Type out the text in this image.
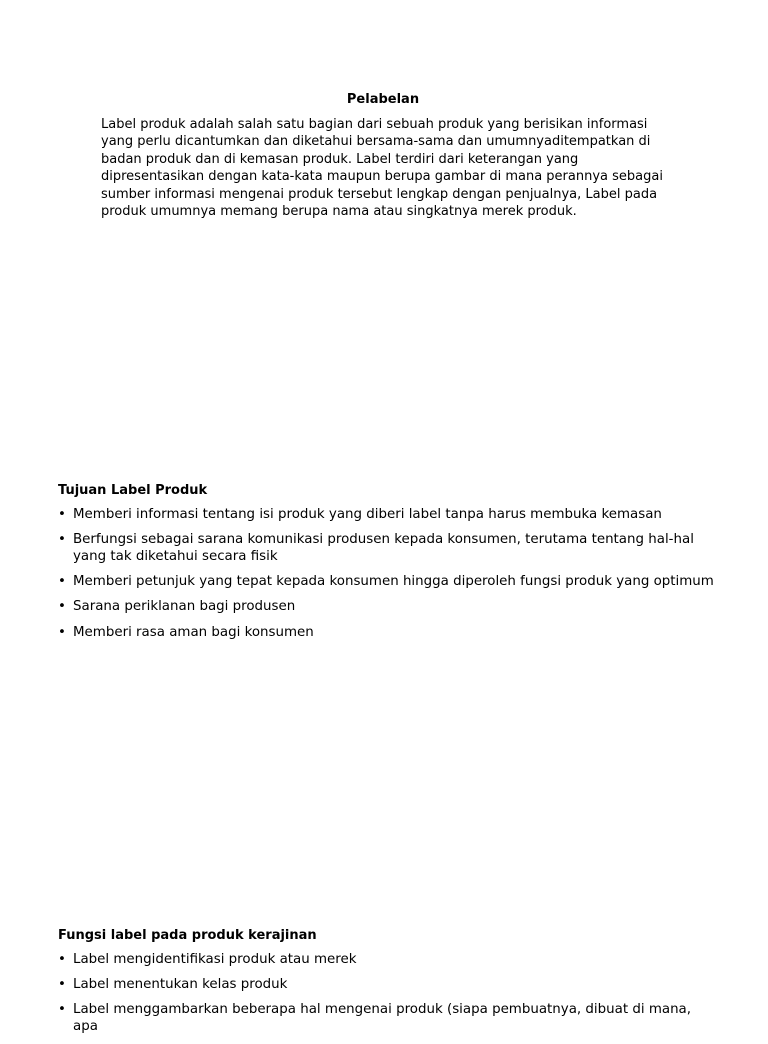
Pelabelan

Label produk adalah salah satu bagian dari sebuah produk yang berisikan informasi yang perlu dicantumkan dan diketahui bersama-sama dan umumnyaditempatkan di badan produk dan di kemasan produk. Label terdiri dari keterangan yang dipresentasikan dengan kata-kata maupun berupa gambar di mana perannya sebagai sumber informasi mengenai produk tersebut lengkap dengan penjualnya, Label pada produk umumnya memang berupa nama atau singkatnya merek produk.

Tujuan Label Produk

• Memberi informasi tentang isi produk yang diberi label tanpa harus membuka kemasan
• Berfungsi sebagai sarana komunikasi produsen kepada konsumen, terutama tentang hal-hal yang tak diketahui secara fisik
• Memberi petunjuk yang tepat kepada konsumen hingga diperoleh fungsi produk yang optimum
• Sarana periklanan bagi produsen
• Memberi rasa aman bagi konsumen

Fungsi label pada produk kerajinan

• Label mengidentifikasi produk atau merek
• Label menentukan kelas produk
• Label menggambarkan beberapa hal mengenai produk (siapa pembuatnya, dibuat di mana, apa
